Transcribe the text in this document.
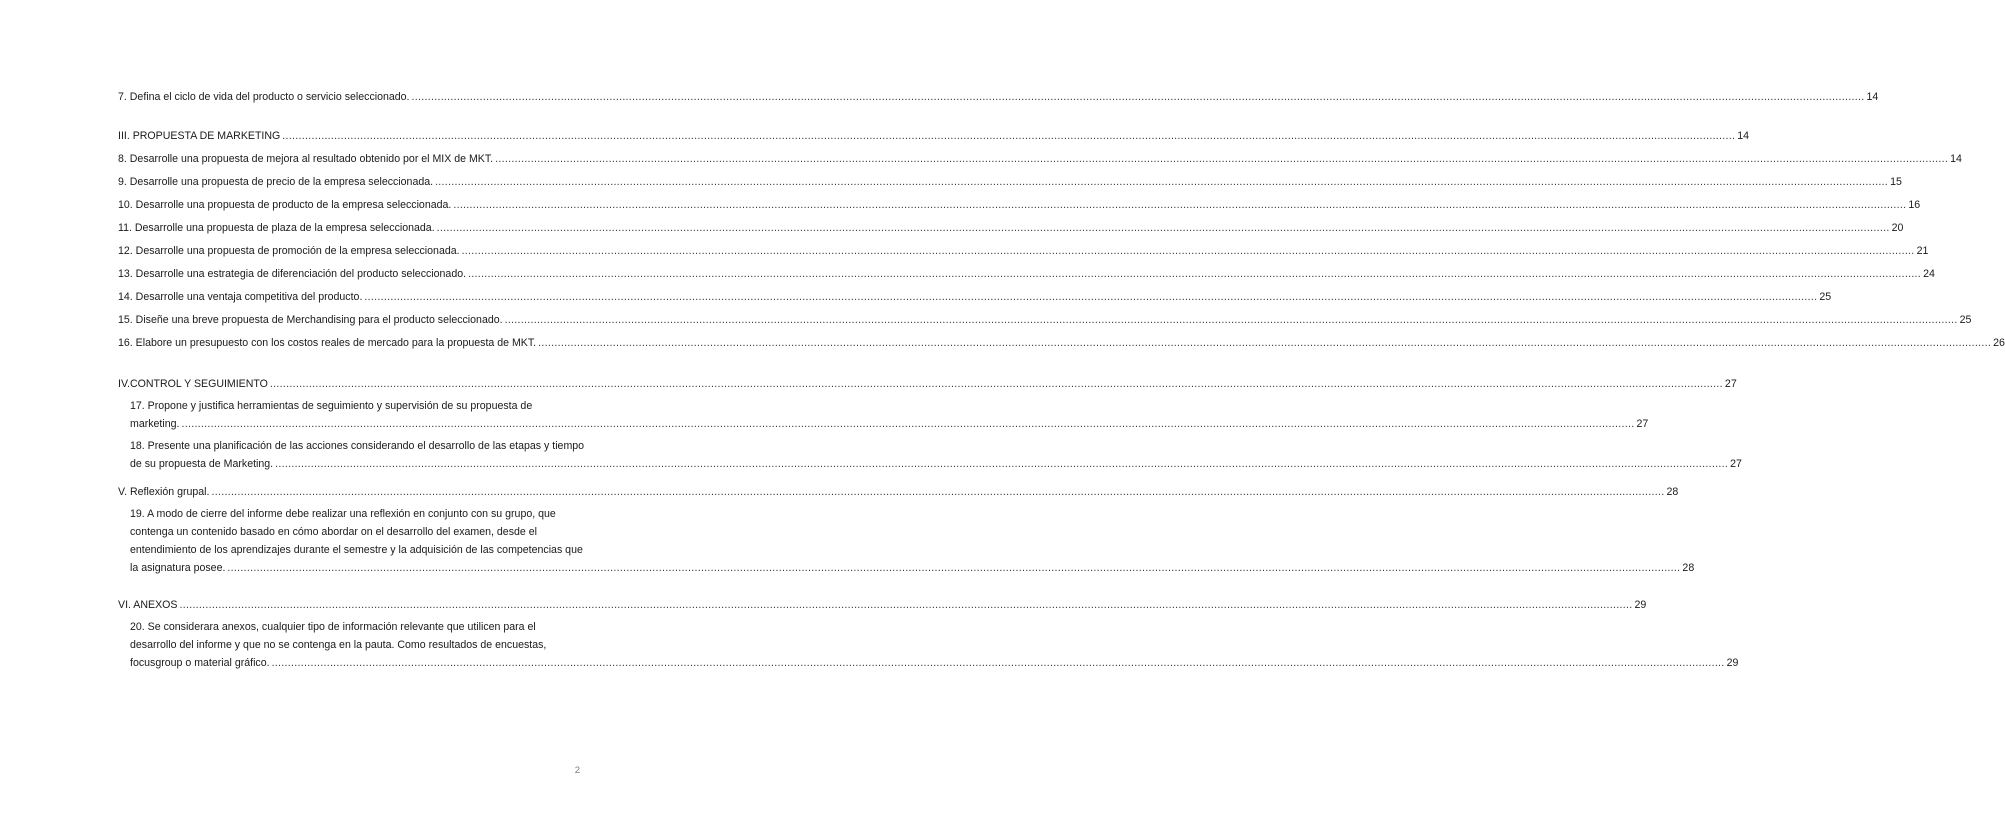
7. Defina el ciclo de vida del producto o servicio seleccionado. .....	14
III. PROPUESTA DE MARKETING .....	14
8. Desarrolle una propuesta de mejora al resultado obtenido por el MIX de MKT. .....	14
9. Desarrolle una propuesta de precio de la empresa seleccionada. .....	15
10. Desarrolle una propuesta de producto de la empresa seleccionada. .....	16
11. Desarrolle una propuesta de plaza de la empresa seleccionada. .....	20
12. Desarrolle una propuesta de promoción de la empresa seleccionada. .....	21
13. Desarrolle una estrategia de diferenciación del producto seleccionado. .....	24
14. Desarrolle una ventaja competitiva del producto. .....	25
15. Diseñe una breve propuesta de Merchandising para el producto seleccionado. .....	25
16. Elabore un presupuesto con los costos reales de mercado para la propuesta de MKT. .....	26
IV.CONTROL Y SEGUIMIENTO .....	27
17. Propone y justifica herramientas de seguimiento y supervisión de su propuesta de
marketing. .....	27
18. Presente una planificación de las acciones considerando el desarrollo de las etapas y tiempo
de su propuesta de Marketing. .....	27
V. Reflexión grupal. .....	28
19. A modo de cierre del informe debe realizar una reflexión en conjunto con su grupo, que
contenga un contenido basado en cómo abordar on el desarrollo del examen, desde el
entendimiento de los aprendizajes durante el semestre y la adquisición de las competencias que
la asignatura posee. .....	28
VI. ANEXOS .....	29
20. Se considerara anexos, cualquier tipo de información relevante que utilicen para el
desarrollo del informe y que no se contenga en la pauta. Como resultados de encuestas,
focusgroup o material gráfico. .....	29
2
